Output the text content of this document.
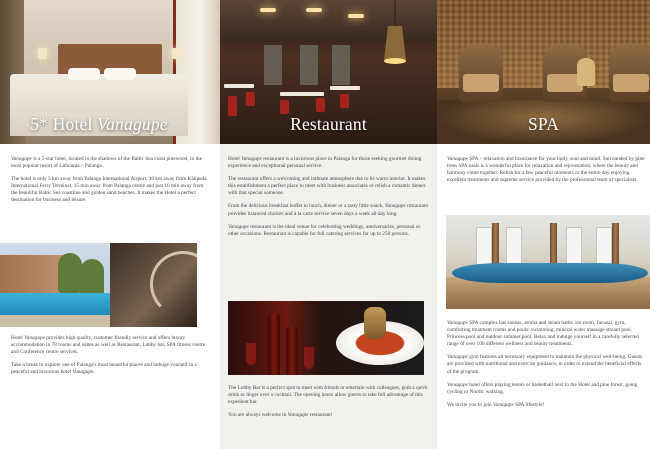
5* Hotel Vanagupe

Vanagupe is a 5-star hotel, located in the shadows of the Baltic Sea coast pinewood, in the most popular resort of Lithuania – Palanga.

The hotel is only 5 km away from Palanga International Airport, 30 km away from Klaipeda International Ferry Terminal, 15 min away from Palanga centre and just 10 min away from the beautiful Baltic Sea coastline and golden sand beaches. It makes the Hotel a perfect destination for business and leisure.

Hotel Vanagupe provides high quality, customer friendly service and offers luxury accommodation in 78 rooms and suites as well as Restaurant, Lobby bar, SPA fitness centre and Conference centre services.

Take a break to explore one of Palanga's most beautiful places and indulge yourself in a peaceful and luxurious hotel Vanagupe.

Restaurant

Hotel Vanagupe restaurant is a luxurious place in Palanga for those seeking gourmet dining experience and exceptional personal service.

The restaurant offers a welcoming and intimate atmosphere due to its warm interior. It makes this establishment a perfect place to meet with business associates or relish a romantic dinner with that special someone.

From the delicious breakfast buffet to lunch, dinner or a tasty little snack, Vanagupe restaurant provides balanced choices and à la carte service seven days a week all day long.

Vanagupe restaurant is the ideal venue for celebrating weddings, anniversaries, personal or other occasions. Restaurant is capable for full catering services for up to 250 persons.

The Lobby Bar is a perfect spot to meet with friends or entertain with colleagues, grab a quick drink or linger over a cocktail. The opening hours allow guests to take full advantage of this expedient bar.

You are always welcome in Vanagupe restaurant!

SPA

Vanagupe SPA – relaxation and luxuriance for your body, soul and mind. Surrounded by pine trees SPA oasis is a wonderful place for relaxation and rejuvenation, where the beauty and harmony come together. Relish for a few peaceful moments or the entire day enjoying excellent treatments and supreme service provided by the professional team of specialists.

Vanagupe SPA complex has saunas, aroma and steam baths, ice room, Jacuzzi, gym, comforting treatment rooms and pools: swimming, mineral water massage stream pool. Princess pool and outdoor summer pool. Relax and indulge yourself in a carefully selected range of over 100 different wellness and beauty treatments.

Vanagupe gym features all necessary equipment to maintain the physical well-being. Guests are provided with nutritional and exercise guidance, in order to extend the beneficial effects of the program.

Vanagupe hotel offers playing tennis or basketball next to the Hotel and pine forest, going cycling or Nordic walking.

We invite you to join Vanagupe SPA lifestyle!
